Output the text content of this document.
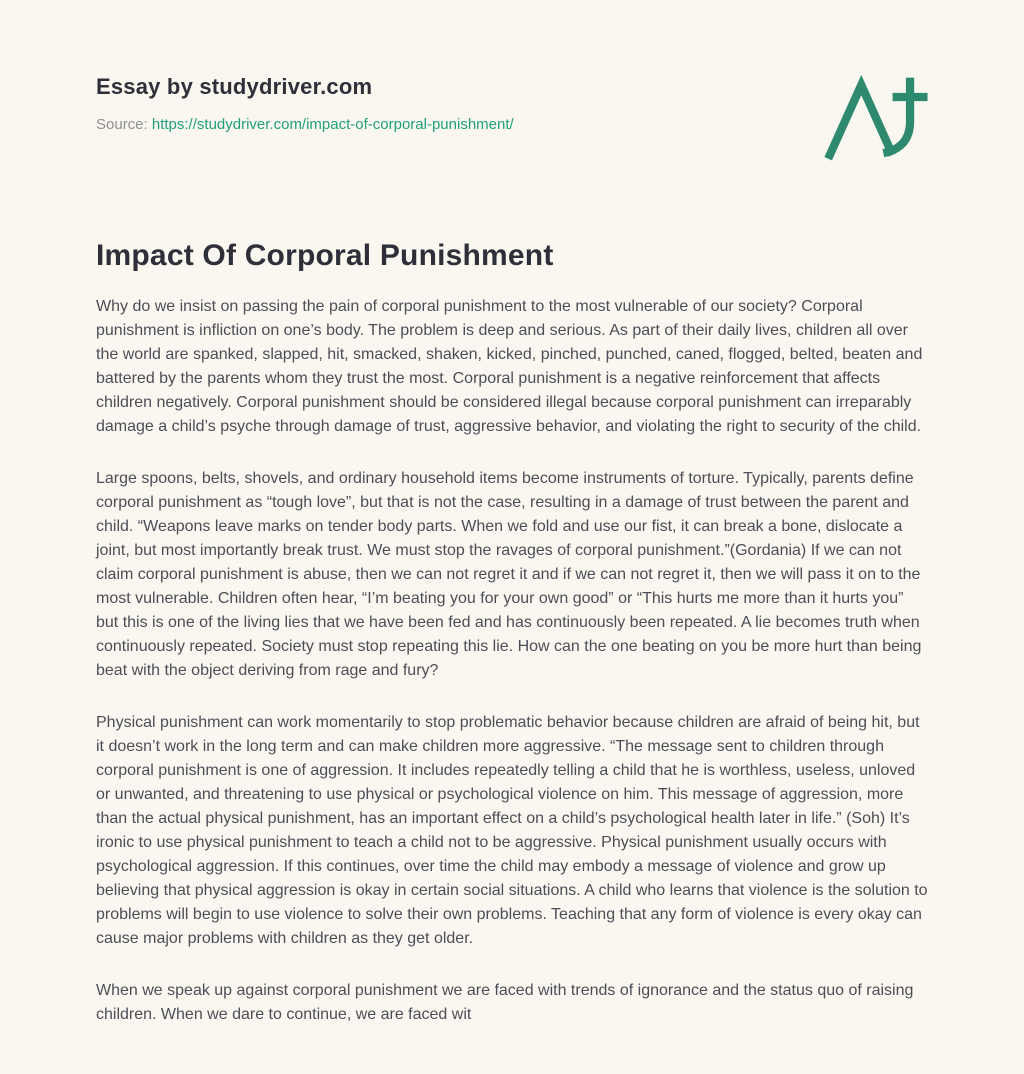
Essay by studydriver.com

Source: https://studydriver.com/impact-of-corporal-punishment/

Impact Of Corporal Punishment

Why do we insist on passing the pain of corporal punishment to the most vulnerable of our society? Corporal punishment is infliction on one’s body. The problem is deep and serious. As part of their daily lives, children all over the world are spanked, slapped, hit, smacked, shaken, kicked, pinched, punched, caned, flogged, belted, beaten and battered by the parents whom they trust the most. Corporal punishment is a negative reinforcement that affects children negatively. Corporal punishment should be considered illegal because corporal punishment can irreparably damage a child’s psyche through damage of trust, aggressive behavior, and violating the right to security of the child.

Large spoons, belts, shovels, and ordinary household items become instruments of torture. Typically, parents define corporal punishment as “tough love”, but that is not the case, resulting in a damage of trust between the parent and child. “Weapons leave marks on tender body parts. When we fold and use our fist, it can break a bone, dislocate a joint, but most importantly break trust. We must stop the ravages of corporal punishment.”(Gordania) If we can not claim corporal punishment is abuse, then we can not regret it and if we can not regret it, then we will pass it on to the most vulnerable. Children often hear, “I’m beating you for your own good” or “This hurts me more than it hurts you” but this is one of the living lies that we have been fed and has continuously been repeated. A lie becomes truth when continuously repeated. Society must stop repeating this lie. How can the one beating on you be more hurt than being beat with the object deriving from rage and fury?

Physical punishment can work momentarily to stop problematic behavior because children are afraid of being hit, but it doesn’t work in the long term and can make children more aggressive. “The message sent to children through corporal punishment is one of aggression. It includes repeatedly telling a child that he is worthless, useless, unloved or unwanted, and threatening to use physical or psychological violence on him. This message of aggression, more than the actual physical punishment, has an important effect on a child’s psychological health later in life.” (Soh) It’s ironic to use physical punishment to teach a child not to be aggressive. Physical punishment usually occurs with psychological aggression. If this continues, over time the child may embody a message of violence and grow up believing that physical aggression is okay in certain social situations. A child who learns that violence is the solution to problems will begin to use violence to solve their own problems. Teaching that any form of violence is every okay can cause major problems with children as they get older.

When we speak up against corporal punishment we are faced with trends of ignorance and the status quo of raising children. When we dare to continue, we are faced wit
